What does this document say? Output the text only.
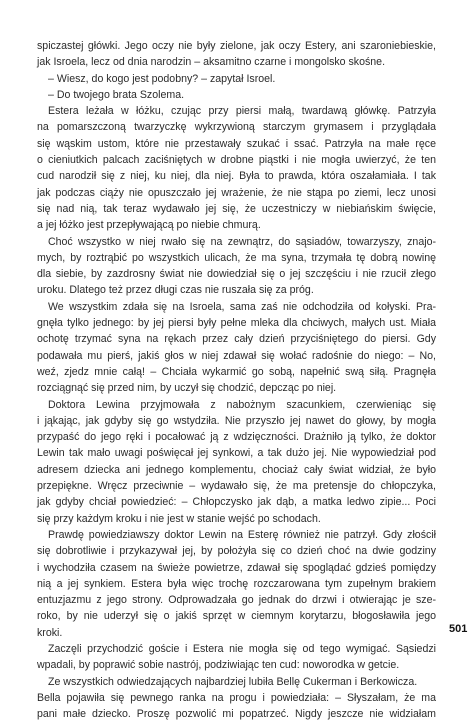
spiczastej główki. Jego oczy nie były zielone, jak oczy Estery, ani szaroniebieskie,
jak Isroela, lecz od dnia narodzin – aksamitno czarne i mongolsko skośne.
– Wiesz, do kogo jest podobny? – zapytał Isroel.
– Do twojego brata Szolema.
Estera leżała w łóżku, czując przy piersi małą, twardawą główkę. Patrzyła
na pomarszczoną twarzyczkę wykrzywioną starczym grymasem i przyglądała
się wąskim ustom, które nie przestawały szukać i ssać. Patrzyła na małe ręce
o cieniutkich palcach zaciśniętych w drobne piąstki i nie mogła uwierzyć, że ten
cud narodził się z niej, ku niej, dla niej. Była to prawda, która oszałamiała. I tak
jak podczas ciąży nie opuszczało jej wrażenie, że nie stąpa po ziemi, lecz unosi
się nad nią, tak teraz wydawało jej się, że uczestniczy w niebiańskim święcie,
a jej łóżko jest przepływającą po niebie chmurą.
Choć wszystko w niej rwało się na zewnątrz, do sąsiadów, towarzyszy, znajo-
mych, by roztrąbić po wszystkich ulicach, że ma syna, trzymała tę dobrą nowinę
dla siebie, by zazdrosny świat nie dowiedział się o jej szczęściu i nie rzucił złego
uroku. Dlatego też przez długi czas nie ruszała się za próg.
We wszystkim zdała się na Isroela, sama zaś nie odchodziła od kołyski. Pra-
gnęła tylko jednego: by jej piersi były pełne mleka dla chciwych, małych ust. Miała
ochotę trzymać syna na rękach przez cały dzień przyciśniętego do piersi. Gdy
podawała mu pierś, jakiś głos w niej zdawał się wołać radośnie do niego: – No,
weź, zjedz mnie całą! – Chciała wykarmić go sobą, napełnić swą siłą. Pragnęła
rozciągnąć się przed nim, by uczył się chodzić, depcząc po niej.
Doktora Lewina przyjmowała z nabożnym szacunkiem, czerwieniąc się
i jąkając, jak gdyby się go wstydziła. Nie przyszło jej nawet do głowy, by mogła
przypaść do jego ręki i pocałować ją z wdzięczności. Drażniło ją tylko, że doktor
Lewin tak mało uwagi poświęcał jej synkowi, a tak dużo jej. Nie wypowiedział pod
adresem dziecka ani jednego komplementu, chociaż cały świat widział, że było
przepiękne. Wręcz przeciwnie – wydawało się, że ma pretensje do chłopczyka,
jak gdyby chciał powiedzieć: – Chłopczysko jak dąb, a matka ledwo zipie... Poci
się przy każdym kroku i nie jest w stanie wejść po schodach.
Prawdę powiedziawszy doktor Lewin na Esterę również nie patrzył. Gdy złościł
się dobrotliwie i przykazywał jej, by położyła się co dzień choć na dwie godziny
i wychodziła czasem na świeże powietrze, zdawał się spoglądać gdzieś pomiędzy
nią a jej synkiem. Estera była więc trochę rozczarowana tym zupełnym brakiem
entuzjazmu z jego strony. Odprowadzała go jednak do drzwi i otwierając je sze-
roko, by nie uderzył się o jakiś sprzęt w ciemnym korytarzu, błogosławiła jego
kroki.
Zaczęli przychodzić goście i Estera nie mogła się od tego wymigać. Sąsiedzi
wpadali, by poprawić sobie nastrój, podziwiając ten cud: noworodka w getcie.
Ze wszystkich odwiedzających najbardziej lubiła Bellę Cukerman i Berkowicza.
Bella pojawiła się pewnego ranka na progu i powiedziała: – Słyszałam, że ma
pani małe dziecko. Proszę pozwolić mi popatrzeć. Nigdy jeszcze nie widziałam
501
